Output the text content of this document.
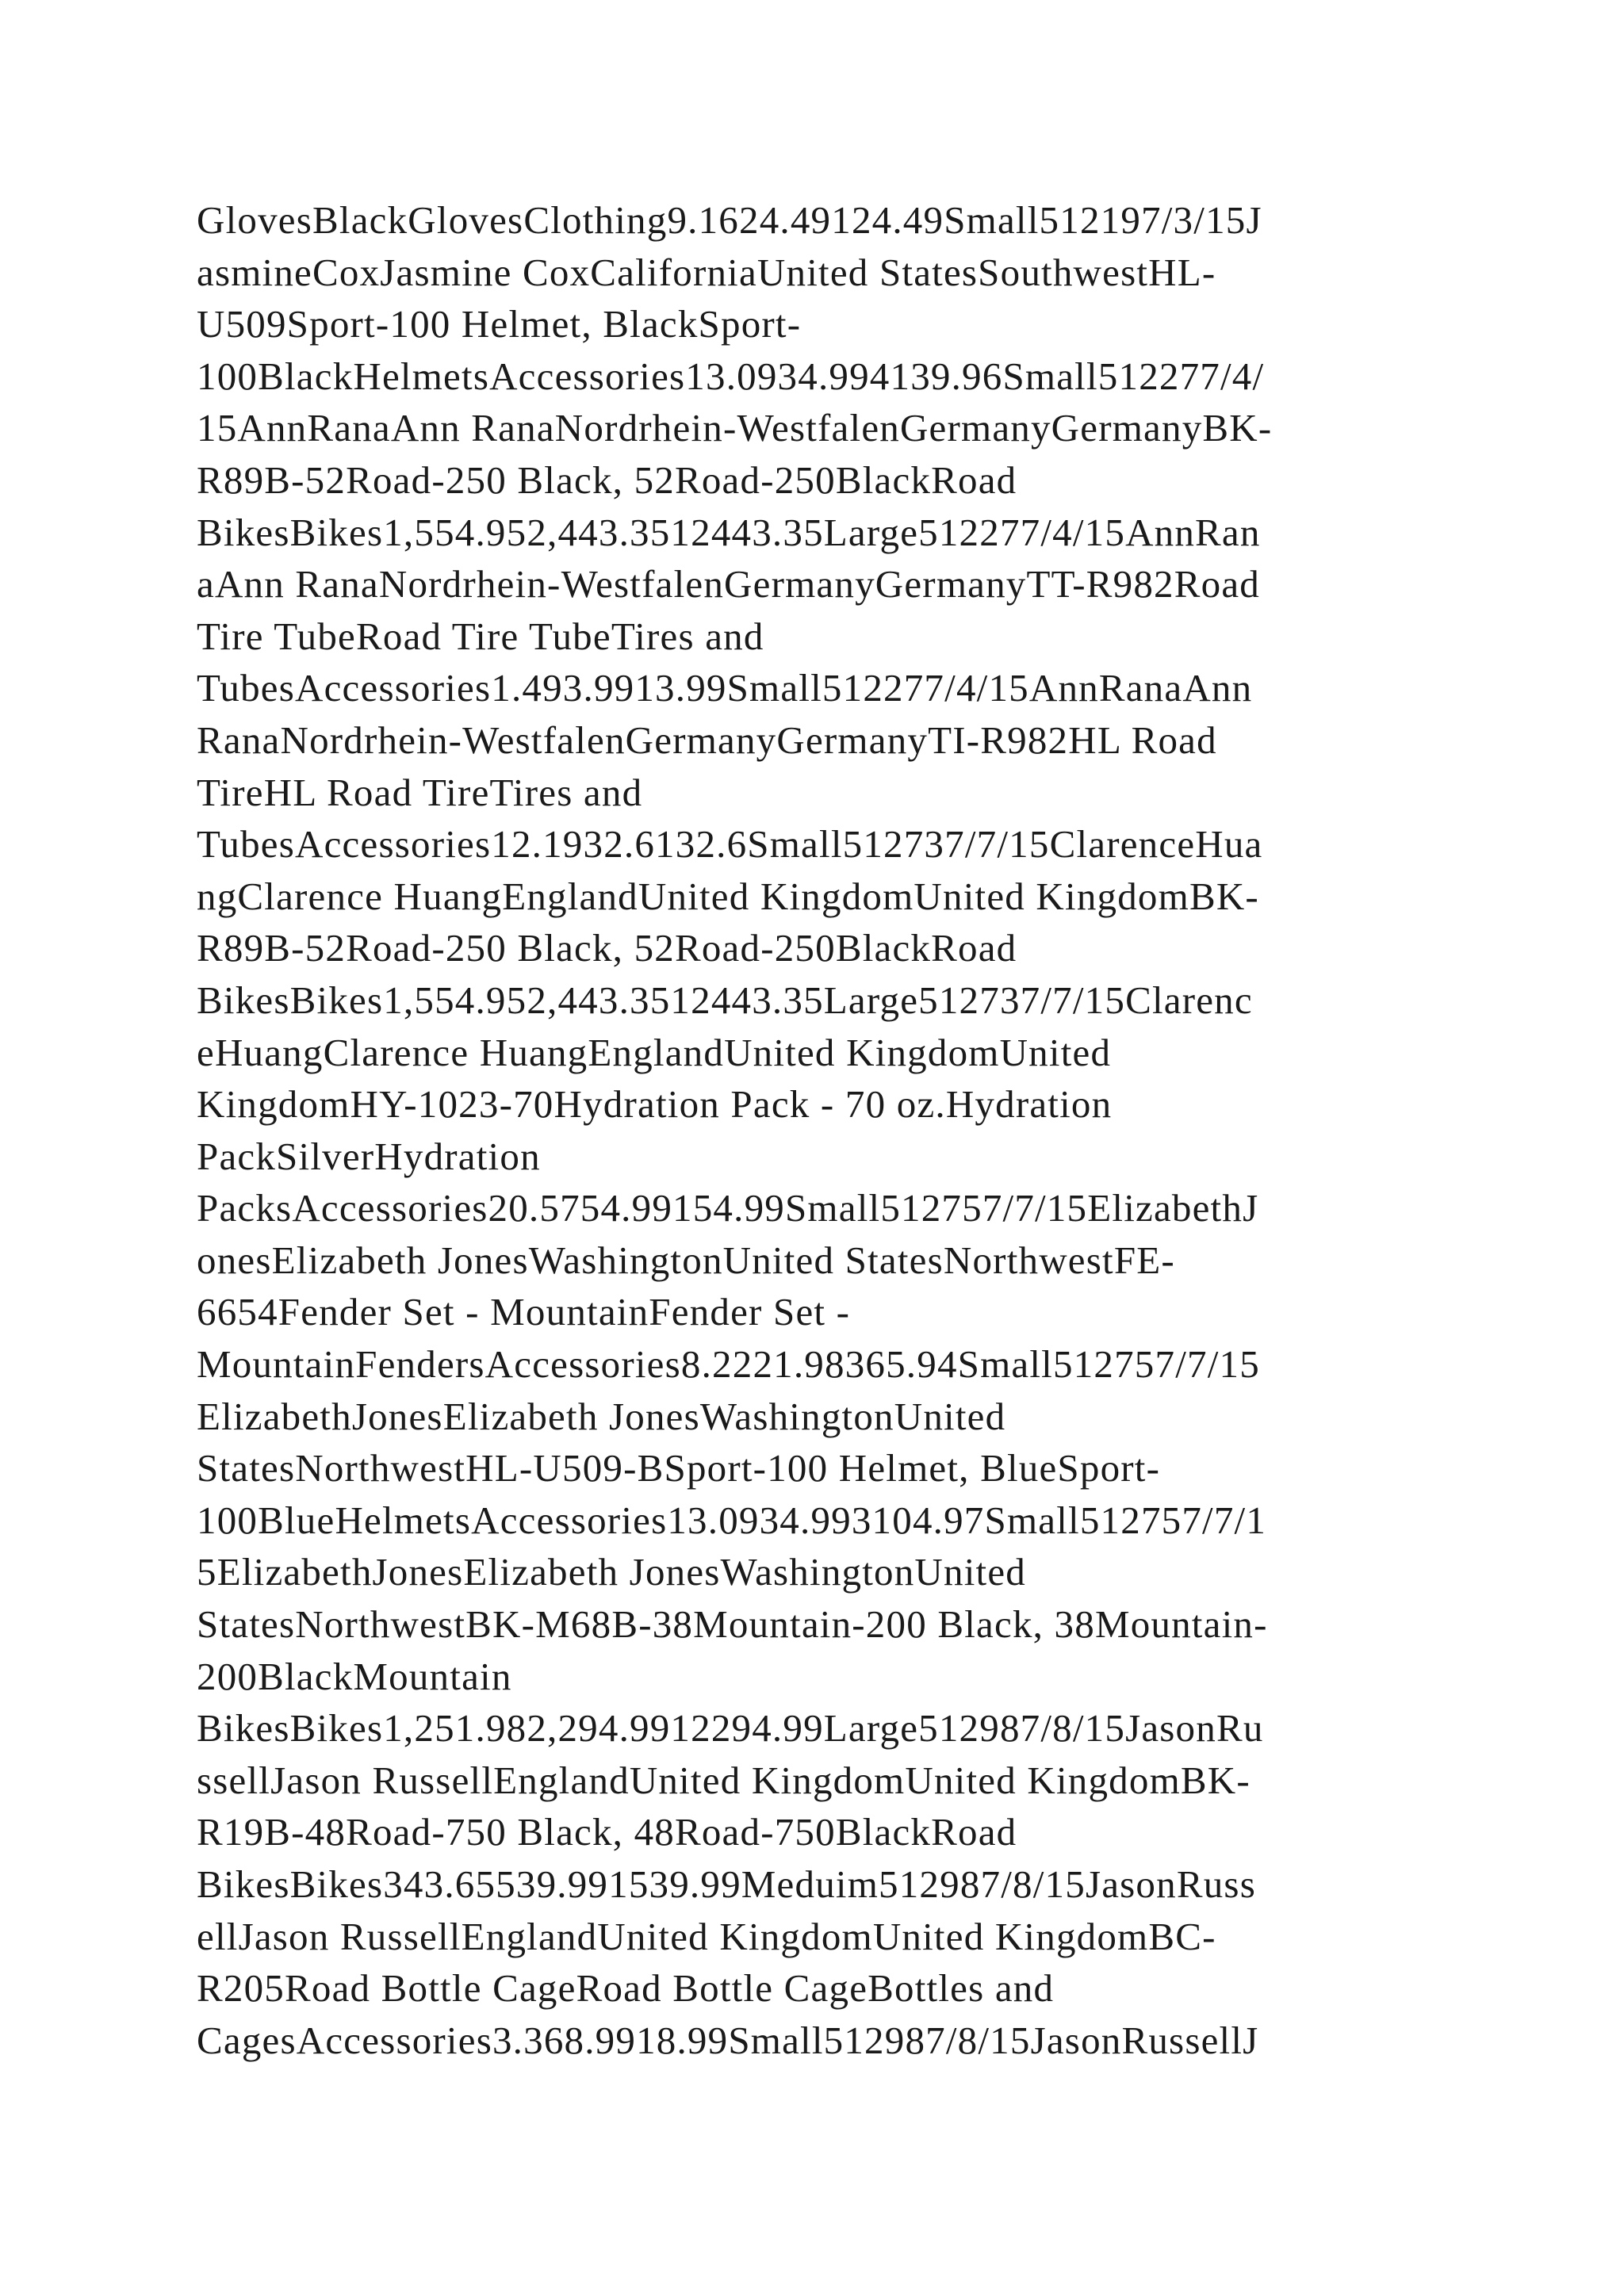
GlovesBlackGlovesClothing9.1624.49124.49Small512197/3/15J
asmineCoxJasmine CoxCaliforniaUnited StatesSouthwestHL-
U509Sport-100 Helmet, BlackSport-
100BlackHelmetsAccessories13.0934.994139.96Small512277/4/
15AnnRanaAnn RanaNordrhein-WestfalenGermanyGermanyBK-
R89B-52Road-250 Black, 52Road-250BlackRoad
BikesBikes1,554.952,443.3512443.35Large512277/4/15AnnRan
aAnn RanaNordrhein-WestfalenGermanyGermanyTT-R982Road
Tire TubeRoad Tire TubeTires and
TubesAccessories1.493.9913.99Small512277/4/15AnnRanaAnn
RanaNordrhein-WestfalenGermanyGermanyTI-R982HL Road
TireHL Road TireTires and
TubesAccessories12.1932.6132.6Small512737/7/15ClarenceHua
ngClarence HuangEnglandUnited KingdomUnited KingdomBK-
R89B-52Road-250 Black, 52Road-250BlackRoad
BikesBikes1,554.952,443.3512443.35Large512737/7/15Clarenc
eHuangClarence HuangEnglandUnited KingdomUnited
KingdomHY-1023-70Hydration Pack - 70 oz.Hydration
PackSilverHydration
PacksAccessories20.5754.99154.99Small512757/7/15ElizabethJ
onesElizabeth JonesWashingtonUnited StatesNorthwestFE-
6654Fender Set - MountainFender Set -
MountainFendersAccessories8.2221.98365.94Small512757/7/15
ElizabethJonesElizabeth JonesWashingtonUnited
StatesNorthwestHL-U509-BSport-100 Helmet, BlueSport-
100BlueHelmetsAccessories13.0934.993104.97Small512757/7/1
5ElizabethJonesElizabeth JonesWashingtonUnited
StatesNorthwestBK-M68B-38Mountain-200 Black, 38Mountain-
200BlackMountain
BikesBikes1,251.982,294.9912294.99Large512987/8/15JasonRu
ssellJason RussellEnglandUnited KingdomUnited KingdomBK-
R19B-48Road-750 Black, 48Road-750BlackRoad
BikesBikes343.65539.991539.99Meduim512987/8/15JasonRuss
ellJason RussellEnglandUnited KingdomUnited KingdomBC-
R205Road Bottle CageRoad Bottle CageBottles and
CagesAccessories3.368.9918.99Small512987/8/15JasonRussellJ
